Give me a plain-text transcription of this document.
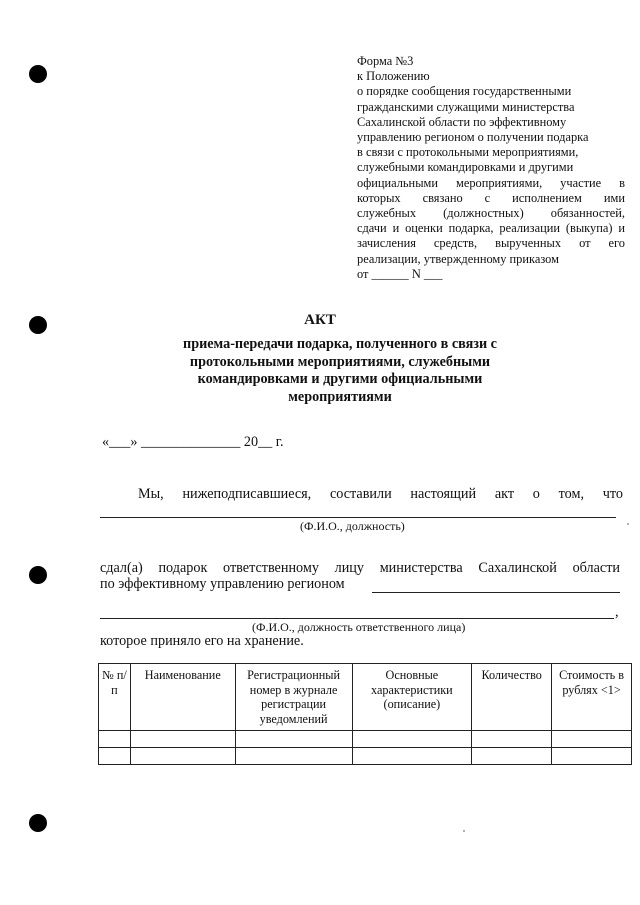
Форма №3
к Положению
о порядке сообщения государственными
гражданскими служащими министерства
Сахалинской области по эффективному
управлению регионом о получении подарка
в связи с протокольными мероприятиями,
служебными командировками и другими
официальными мероприятиями, участие в
которых связано с исполнением ими
служебных (должностных) обязанностей,
сдачи и оценки подарка, реализации (выкупа) и
зачисления средств, вырученных от его
реализации, утвержденному приказом
от ______ N ___
АКТ
приема-передачи подарка, полученного в связи с
протокольными мероприятиями, служебными
командировками и другими официальными
мероприятиями
«___» ______________ 20__ г.
Мы, нижеподписавшиеся, составили настоящий акт о том, что
(Ф.И.О., должность)
сдал(а) подарок ответственному лицу министерства Сахалинской области
по эффективному управлению регионом
,
(Ф.И.О., должность ответственного лица)
которое приняло его на хранение.
№ п/п	Наименование	Регистрационный номер в журнале регистрации уведомлений	Основные характеристики (описание)	Количество	Стоимость в рублях <1>
